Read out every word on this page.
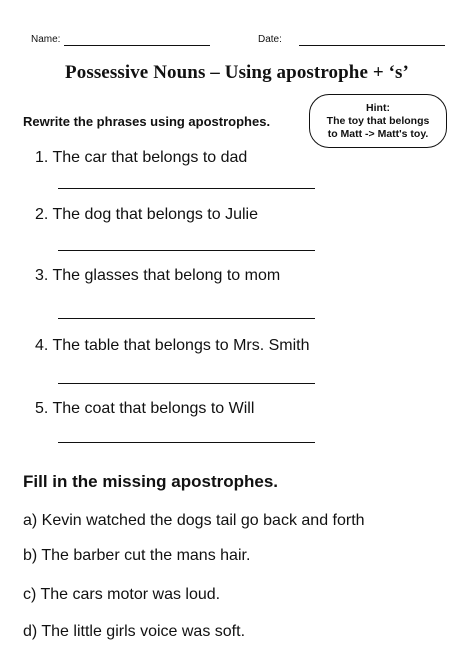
Name:	Date:
Possessive Nouns – Using apostrophe + ‘s’
Rewrite the phrases using apostrophes.
Hint:
The toy that belongs
to Matt -> Matt's toy.
1. The car that belongs to dad
2. The dog that belongs to Julie
3. The glasses that belong to mom
4. The table that belongs to Mrs. Smith
5. The coat that belongs to Will
Fill in the missing apostrophes.
a) Kevin watched the dogs tail go back and forth
b) The barber cut the mans hair.
c) The cars motor was loud.
d) The little girls voice was soft.
